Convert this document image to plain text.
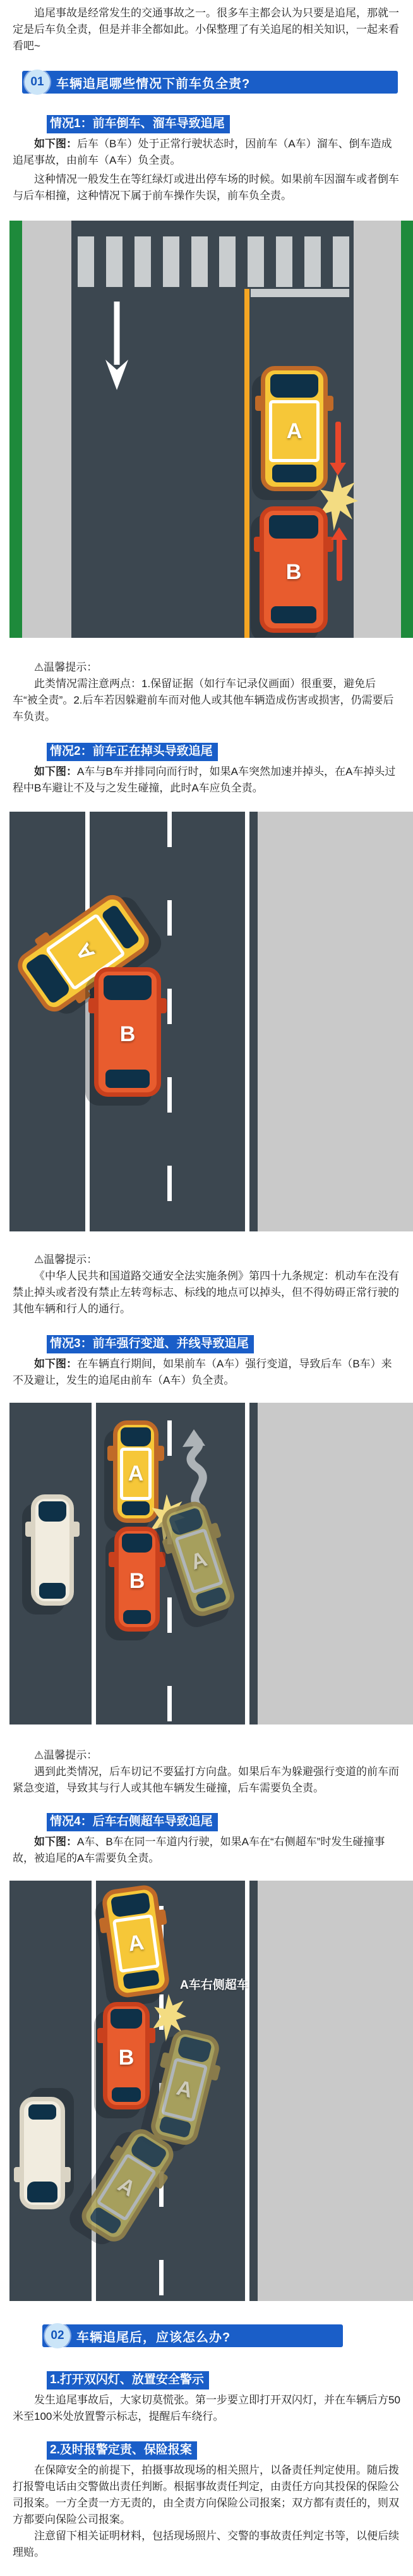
追尾事故是经常发生的交通事故之一。很多车主都会认为只要是追尾，那就一定是后车负全责，但是并非全都如此。小保整理了有关追尾的相关知识，一起来看看吧~

01 车辆追尾哪些情况下前车负全责?
情况1：前车倒车、溜车导致追尾

如下图：后车（B车）处于正常行驶状态时，因前车（A车）溜车、倒车造成追尾事故，由前车（A车）负全责。

这种情况一般发生在等红绿灯或进出停车场的时候。如果前车因溜车或者倒车与后车相撞，这种情况下属于前车操作失误，前车负全责。

A
B

⚠温馨提示：

此类情况需注意两点：1.保留证据（如行车记录仪画面）很重要，避免后车“被全责”。2.后车若因躲避前车而对他人或其他车辆造成伤害或损害，仍需要后车负责。

情况2：前车正在掉头导致追尾

如下图：A车与B车并排同向而行时，如果A车突然加速并掉头，在A车掉头过程中B车避让不及与之发生碰撞，此时A车应负全责。

A
B

⚠温馨提示：

《中华人民共和国道路交通安全法实施条例》第四十九条规定：机动车在没有禁止掉头或者没有禁止左转弯标志、标线的地点可以掉头，但不得妨碍正常行驶的其他车辆和行人的通行。

情况3：前车强行变道、并线导致追尾

如下图：在车辆直行期间，如果前车（A车）强行变道，导致后车（B车）来不及避让，发生的追尾由前车（A车）负全责。

A
B
A

⚠温馨提示：

遇到此类情况，后车切记不要猛打方向盘。如果后车为躲避强行变道的前车而紧急变道，导致其与行人或其他车辆发生碰撞，后车需要负全责。

情况4：后车右侧超车导致追尾

如下图：A车、B车在同一车道内行驶，如果A车在“右侧超车”时发生碰撞事故，被追尾的A车需要负全责。

A
A车右侧超车
B
A
A
02 车辆追尾后，应该怎么办?
1.打开双闪灯、放置安全警示

发生追尾事故后，大家切莫慌张。第一步要立即打开双闪灯，并在车辆后方50米至100米处放置警示标志，提醒后车绕行。

2.及时报警定责、保险报案

在保障安全的前提下，拍摄事故现场的相关照片，以备责任判定使用。随后拨打报警电话由交警做出责任判断。根据事故责任判定，由责任方向其投保的保险公司报案。一方全责一方无责的，由全责方向保险公司报案；双方都有责任的，则双方都要向保险公司报案。

注意留下相关证明材料，包括现场照片、交警的事故责任判定书等，以便后续理赔。
